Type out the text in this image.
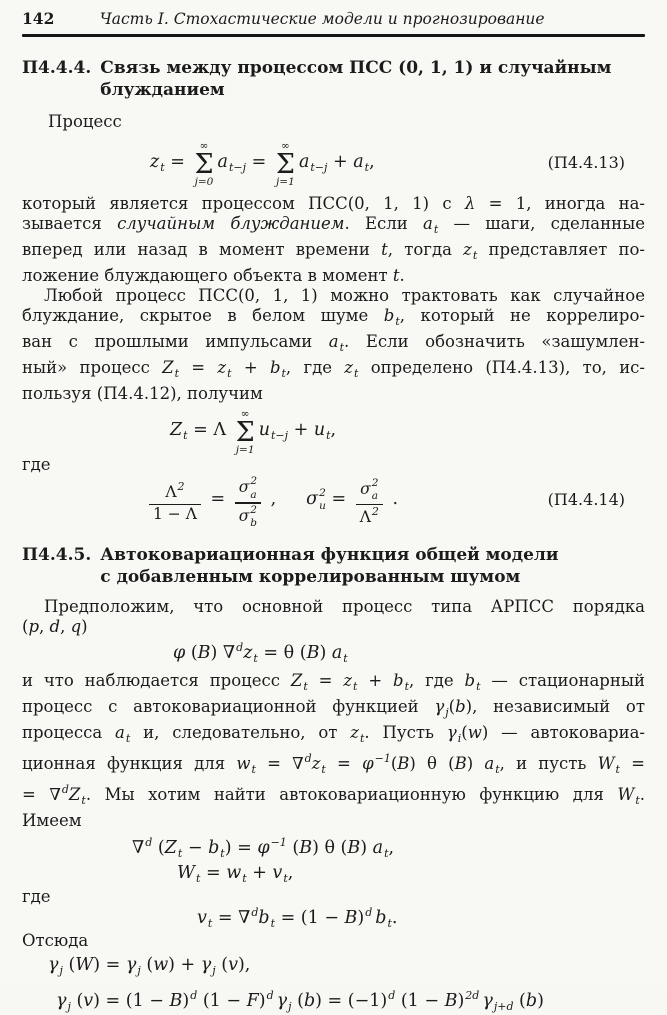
142	Часть I. Стохастические модели и прогнозирование
П4.4.4. Связь между процессом ПСС (0, 1, 1) и случайным
блужданием
Процесс
$z_t$ =
∞
Σ
j=0
$a_{t-j}$ =
∞
Σ
j=1
$a_{t-j} + a_t$,	(П4.4.13)
который является процессом ПСС(0, 1, 1) с λ = 1, иногда на-
зывается случайным блужданием. Если $a_t$ — шаги, сделанные
вперед или назад в момент времени t, тогда $z_t$ представляет по-
ложение блуждающего объекта в момент t.
Любой процесс ПСС(0, 1, 1) можно трактовать как случайное
блуждание, скрытое в белом шуме $b_t$, который не коррелиро-
ван с прошлыми импульсами $a_t$. Если обозначить «зашумлен-
ный» процесс $Z_t = z_t + b_t$, где $z_t$ определено (П4.4.13), то, ис-
пользуя (П4.4.12), получим
$Z_t = \Lambda$
∞
Σ
j=1
$u_{t-j} + u_t$,
где
$\frac{\Lambda^2}{1 - \Lambda} = \sigma$ 2
a
σ 2
b , σ 2
u = σ 2
a
$\Lambda^2$ .	(П4.4.14)
П4.4.5. Автоковариационная функция общей модели
с добавленным коррелированным шумом
Предположим, что основной процесс типа АРПСС порядка
(p, d, q)
φ (B) $\nabla^dz_t = \theta$ (B) $a_t$
и что наблюдается процесс $Z_t = z_t + b_t$, где $b_t$ — стационарный
процесс с автоковариационной функцией $\gamma_j(b)$, независимый от
процесса $a_t$ и, следовательно, от $z_t$. Пусть $\gamma_i(w)$ — автоковариа-
ционная функция для $w_t = \nabla^dz_t = \varphi^{-1}(B)$ θ (B) $a_t$, и пусть $W_t$ =
= $\nabla^dZ_t$. Мы хотим найти автоковариационную функцию для $W_t$.
Имеем
∇$^d$ $(Z_t - b_t) = \varphi^{-1}$ (B) θ (B) $a_t$,
$W_t = w_t + v_t$,
где
$v_t = \nabla^db_t = (1 - B)^d$ $b_t$.
Отсюда
$\gamma_j$ $(W) = \gamma_j$ $(w) + \gamma_j$ (v),
$\gamma_j$ $(v) = (1 - B)^d$ $(1 - F)^d$ $\gamma_j$ $(b) = (-1)^d$ $(1 - B)^{2d}$ $\gamma_{j+d}$ (b)
